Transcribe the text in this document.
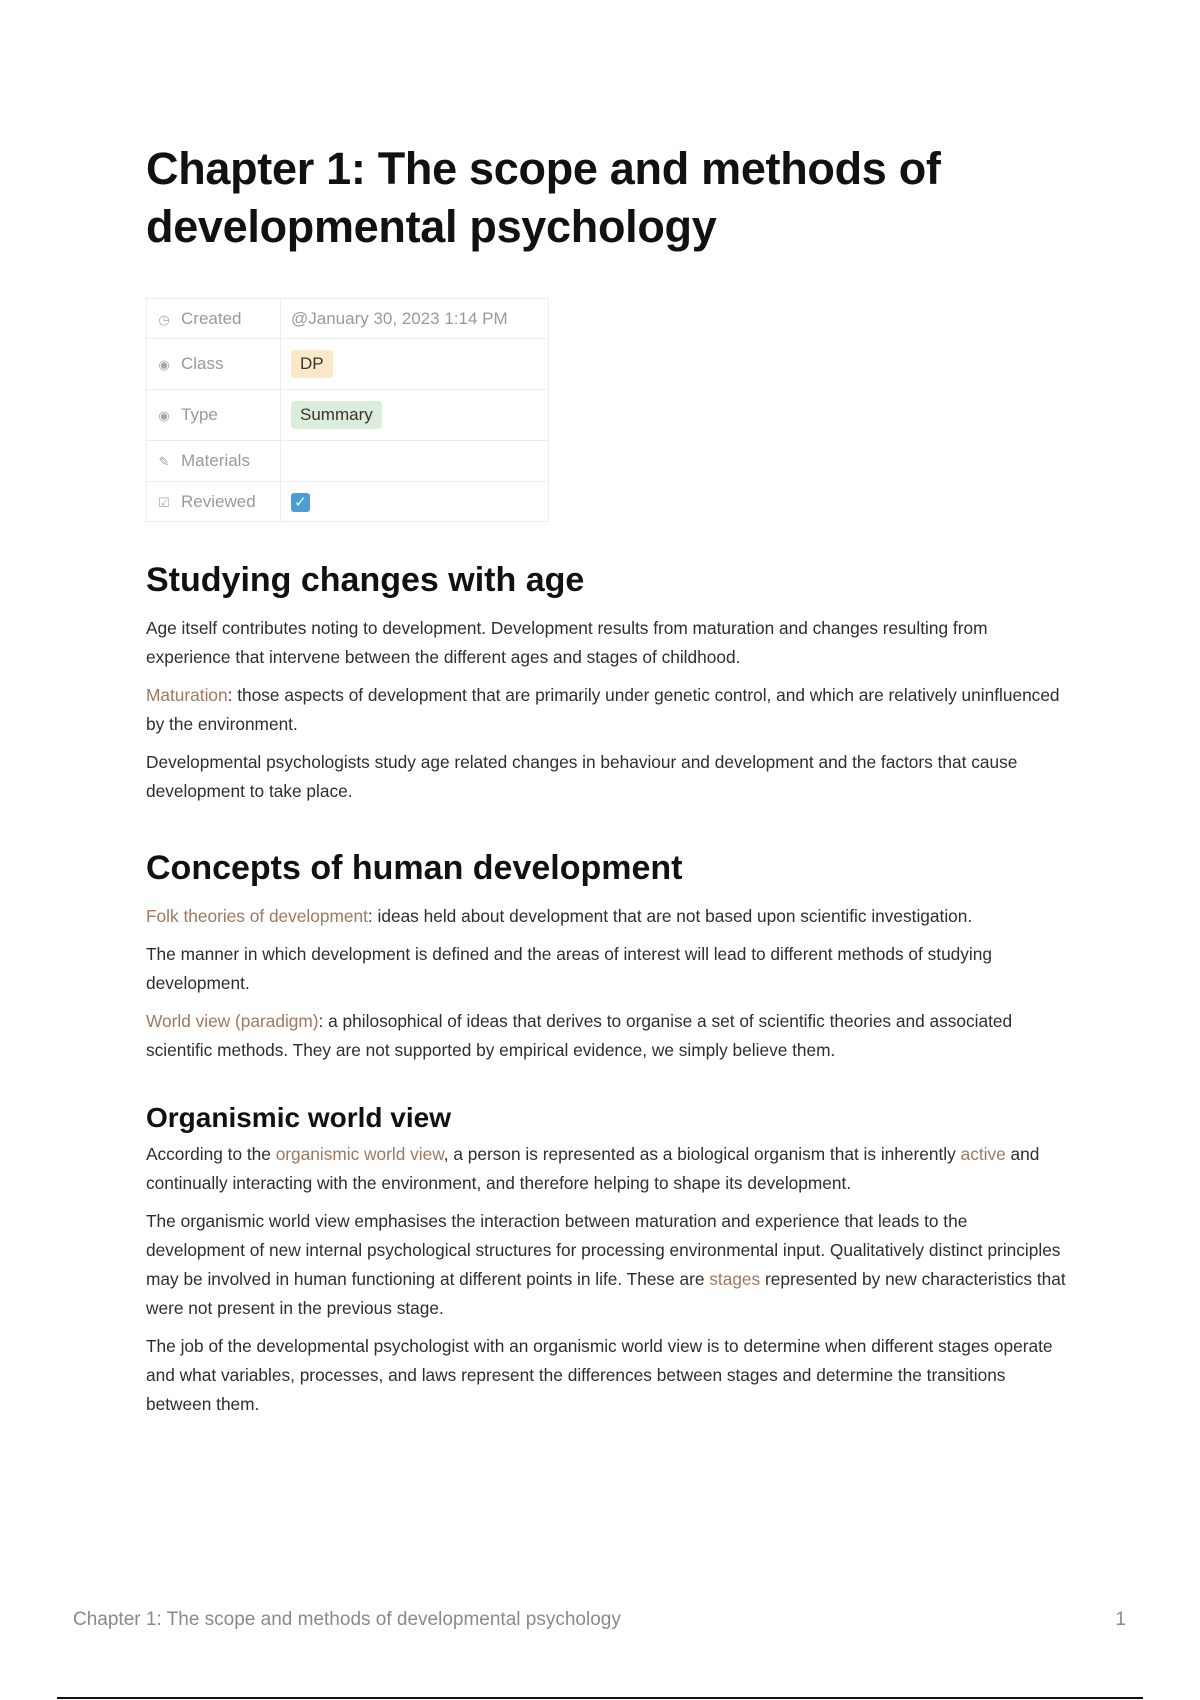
Chapter 1: The scope and methods of developmental psychology
◷ Created	@January 30, 2023 1:14 PM
◉ Class	DP
◉ Type	Summary
✎ Materials	
☑ Reviewed	✓
Studying changes with age

Age itself contributes noting to development. Development results from maturation and changes resulting from experience that intervene between the different ages and stages of childhood.

Maturation: those aspects of development that are primarily under genetic control, and which are relatively uninfluenced by the environment.

Developmental psychologists study age related changes in behaviour and development and the factors that cause development to take place.

Concepts of human development

Folk theories of development: ideas held about development that are not based upon scientific investigation.

The manner in which development is defined and the areas of interest will lead to different methods of studying development.

World view (paradigm): a philosophical of ideas that derives to organise a set of scientific theories and associated scientific methods. They are not supported by empirical evidence, we simply believe them.

Organismic world view

According to the organismic world view, a person is represented as a biological organism that is inherently active and continually interacting with the environment, and therefore helping to shape its development.

The organismic world view emphasises the interaction between maturation and experience that leads to the development of new internal psychological structures for processing environmental input. Qualitatively distinct principles may be involved in human functioning at different points in life. These are stages represented by new characteristics that were not present in the previous stage.

The job of the developmental psychologist with an organismic world view is to determine when different stages operate and what variables, processes, and laws represent the differences between stages and determine the transitions between them.

Chapter 1: The scope and methods of developmental psychology	1
